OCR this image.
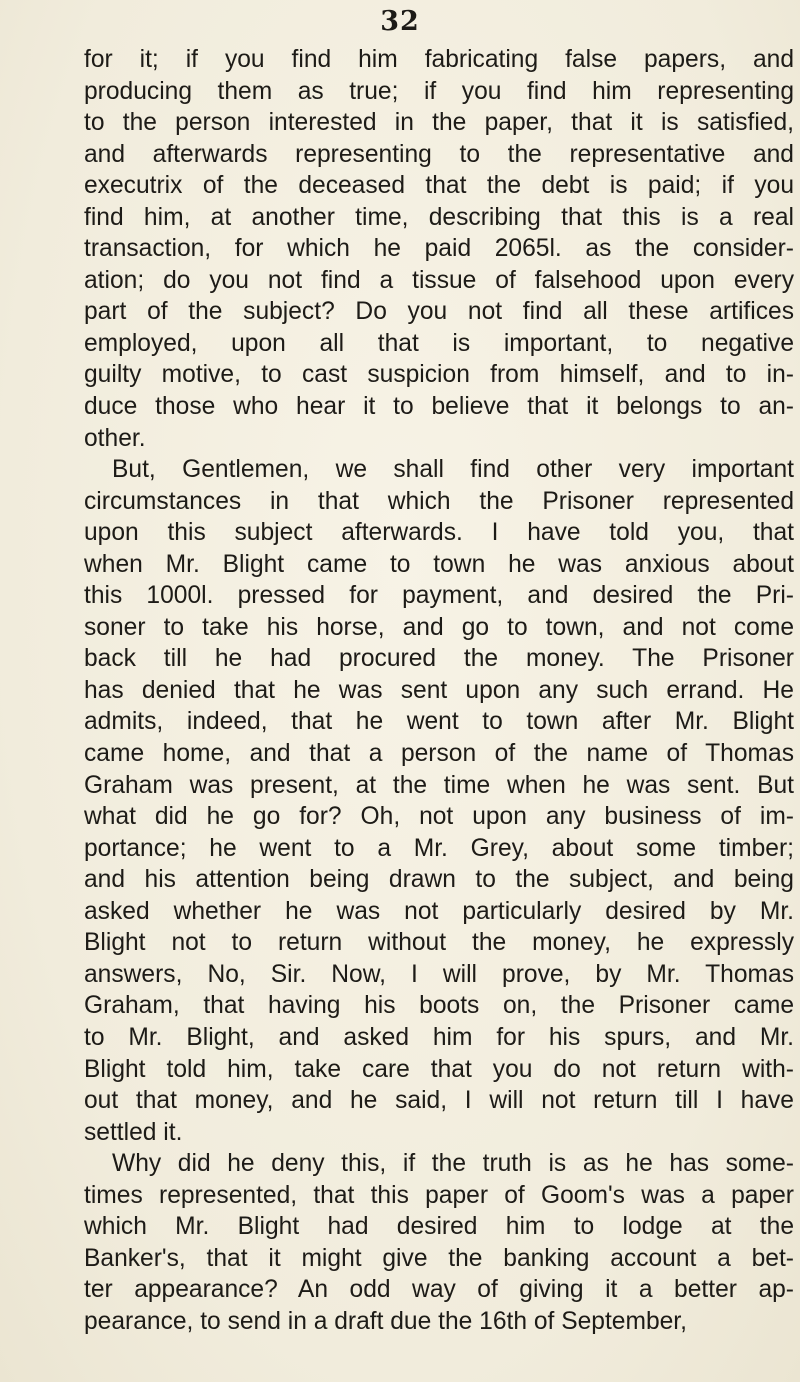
32
for it; if you find him fabricating false papers, and
producing them as true; if you find him representing
to the person interested in the paper, that it is satisfied,
and afterwards representing to the representative and
executrix of the deceased that the debt is paid; if you
find him, at another time, describing that this is a real
transaction, for which he paid 2065l. as the consider-
ation; do you not find a tissue of falsehood upon every
part of the subject? Do you not find all these artifices
employed, upon all that is important, to negative
guilty motive, to cast suspicion from himself, and to in-
duce those who hear it to believe that it belongs to an-
other.
But, Gentlemen, we shall find other very important
circumstances in that which the Prisoner represented
upon this subject afterwards. I have told you, that
when Mr. Blight came to town he was anxious about
this 1000l. pressed for payment, and desired the Pri-
soner to take his horse, and go to town, and not come
back till he had procured the money. The Prisoner
has denied that he was sent upon any such errand. He
admits, indeed, that he went to town after Mr. Blight
came home, and that a person of the name of Thomas
Graham was present, at the time when he was sent. But
what did he go for? Oh, not upon any business of im-
portance; he went to a Mr. Grey, about some timber;
and his attention being drawn to the subject, and being
asked whether he was not particularly desired by Mr.
Blight not to return without the money, he expressly
answers, No, Sir. Now, I will prove, by Mr. Thomas
Graham, that having his boots on, the Prisoner came
to Mr. Blight, and asked him for his spurs, and Mr.
Blight told him, take care that you do not return with-
out that money, and he said, I will not return till I have
settled it.
Why did he deny this, if the truth is as he has some-
times represented, that this paper of Goom's was a paper
which Mr. Blight had desired him to lodge at the
Banker's, that it might give the banking account a bet-
ter appearance? An odd way of giving it a better ap-
pearance, to send in a draft due the 16th of September,
